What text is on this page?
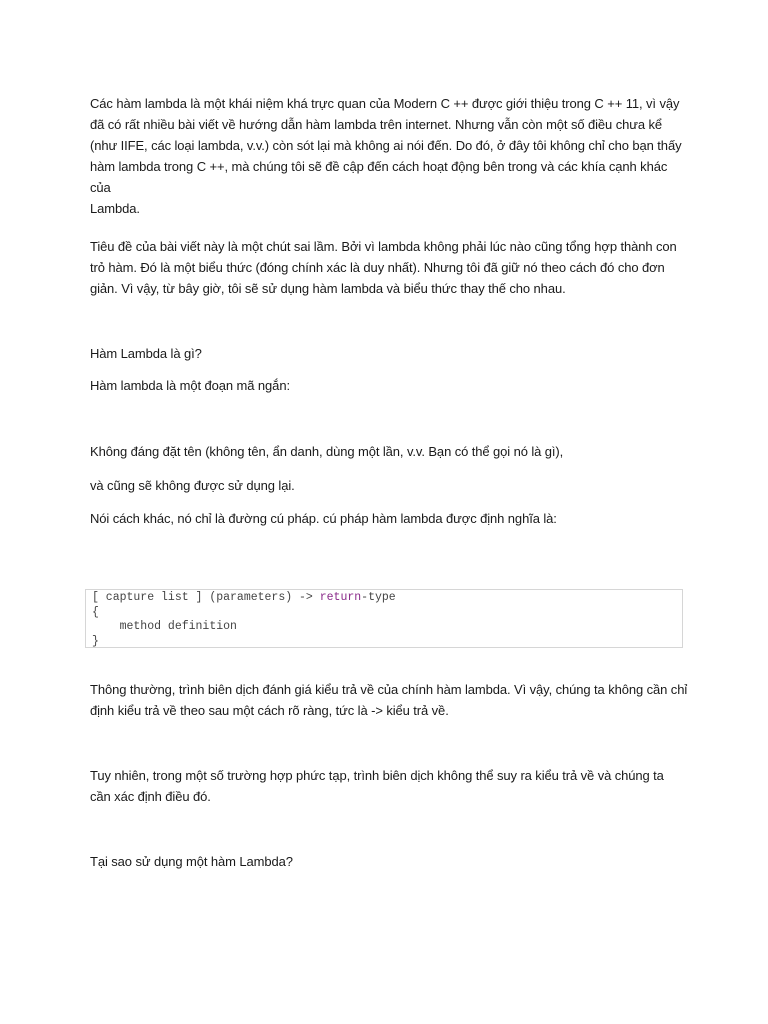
Các hàm lambda là một khái niệm khá trực quan của Modern C ++ được giới thiệu trong C ++ 11, vì vậy
đã có rất nhiều bài viết về hướng dẫn hàm lambda trên internet. Nhưng vẫn còn một số điều chưa kể
(như IIFE, các loại lambda, v.v.) còn sót lại mà không ai nói đến. Do đó, ở đây tôi không chỉ cho bạn thấy
hàm lambda trong C ++, mà chúng tôi sẽ đề cập đến cách hoạt động bên trong và các khía cạnh khác của
Lambda.
Tiêu đề của bài viết này là một chút sai lầm. Bởi vì lambda không phải lúc nào cũng tổng hợp thành con
trỏ hàm. Đó là một biểu thức (đóng chính xác là duy nhất). Nhưng tôi đã giữ nó theo cách đó cho đơn
giản. Vì vậy, từ bây giờ, tôi sẽ sử dụng hàm lambda và biểu thức thay thế cho nhau.
Hàm Lambda là gì?
Hàm lambda là một đoạn mã ngắn:
Không đáng đặt tên (không tên, ẩn danh, dùng một lần, v.v. Bạn có thể gọi nó là gì),
và cũng sẽ không được sử dụng lại.
Nói cách khác, nó chỉ là đường cú pháp. cú pháp hàm lambda được định nghĩa là:
[ capture list ] (parameters) -> return-type
{
method definition
}
Thông thường, trình biên dịch đánh giá kiểu trả về của chính hàm lambda. Vì vậy, chúng ta không cần chỉ
định kiểu trả về theo sau một cách rõ ràng, tức là -> kiểu trả về.
Tuy nhiên, trong một số trường hợp phức tạp, trình biên dịch không thể suy ra kiểu trả về và chúng ta
cần xác định điều đó.
Tại sao sử dụng một hàm Lambda?
